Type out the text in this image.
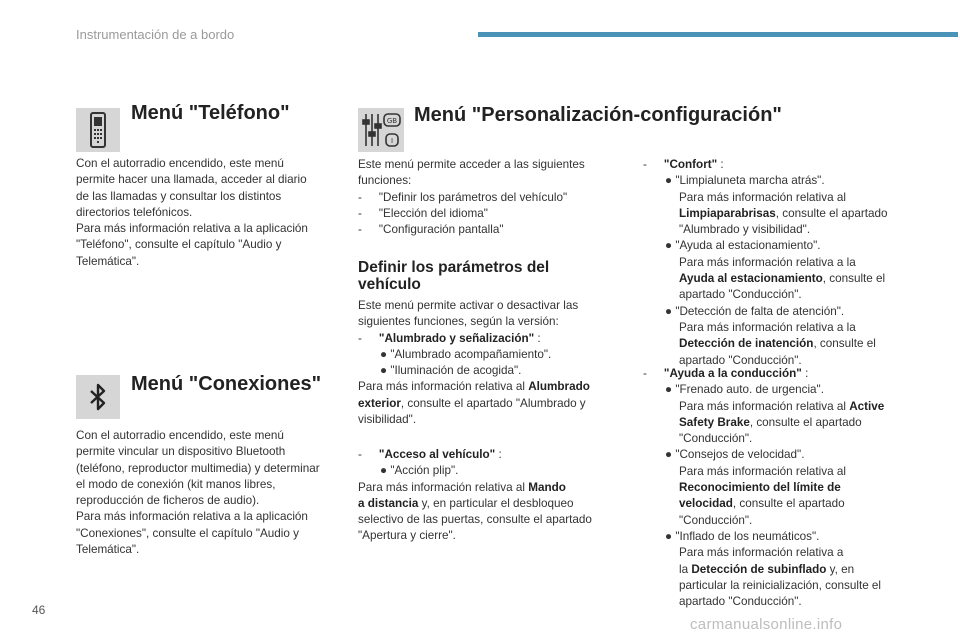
Instrumentación de a bordo
Menú "Teléfono"
Con el autorradio encendido, este menú
permite hacer una llamada, acceder al diario
de las llamadas y consultar los distintos
directorios telefónicos.
Para más información relativa a la aplicación
"Teléfono", consulte el capítulo "Audio y
Telemática".
Menú "Conexiones"
Con el autorradio encendido, este menú
permite vincular un dispositivo Bluetooth
(teléfono, reproductor multimedia) y determinar
el modo de conexión (kit manos libres,
reproducción de ficheros de audio).
Para más información relativa a la aplicación
"Conexiones", consulte el capítulo "Audio y
Telemática".
GB
I
Menú "Personalización-configuración"
Este menú permite acceder a las siguientes
funciones:
- "Definir los parámetros del vehículo"
- "Elección del idioma"
- "Configuración pantalla"
Definir los parámetros del
vehículo
Este menú permite activar o desactivar las
siguientes funciones, según la versión:
- "Alumbrado y señalización" :
● "Alumbrado acompañamiento".
● "Iluminación de acogida".
Para más información relativa al Alumbrado
exterior, consulte el apartado "Alumbrado y
visibilidad".
- "Acceso al vehículo" :
● "Acción plip".
Para más información relativa al Mando
a distancia y, en particular el desbloqueo
selectivo de las puertas, consulte el apartado
"Apertura y cierre".
- "Confort" :
● "Limpialuneta marcha atrás".
Para más información relativa al
Limpiaparabrisas, consulte el apartado
"Alumbrado y visibilidad".
● "Ayuda al estacionamiento".
Para más información relativa a la
Ayuda al estacionamiento, consulte el
apartado "Conducción".
● "Detección de falta de atención".
Para más información relativa a la
Detección de inatención, consulte el
apartado "Conducción".
- "Ayuda a la conducción" :
● "Frenado auto. de urgencia".
Para más información relativa al Active
Safety Brake, consulte el apartado
"Conducción".
● "Consejos de velocidad".
Para más información relativa al
Reconocimiento del límite de
velocidad, consulte el apartado
"Conducción".
● "Inflado de los neumáticos".
Para más información relativa a
la Detección de subinflado y, en
particular la reinicialización, consulte el
apartado "Conducción".
46
carmanualsonline.info
